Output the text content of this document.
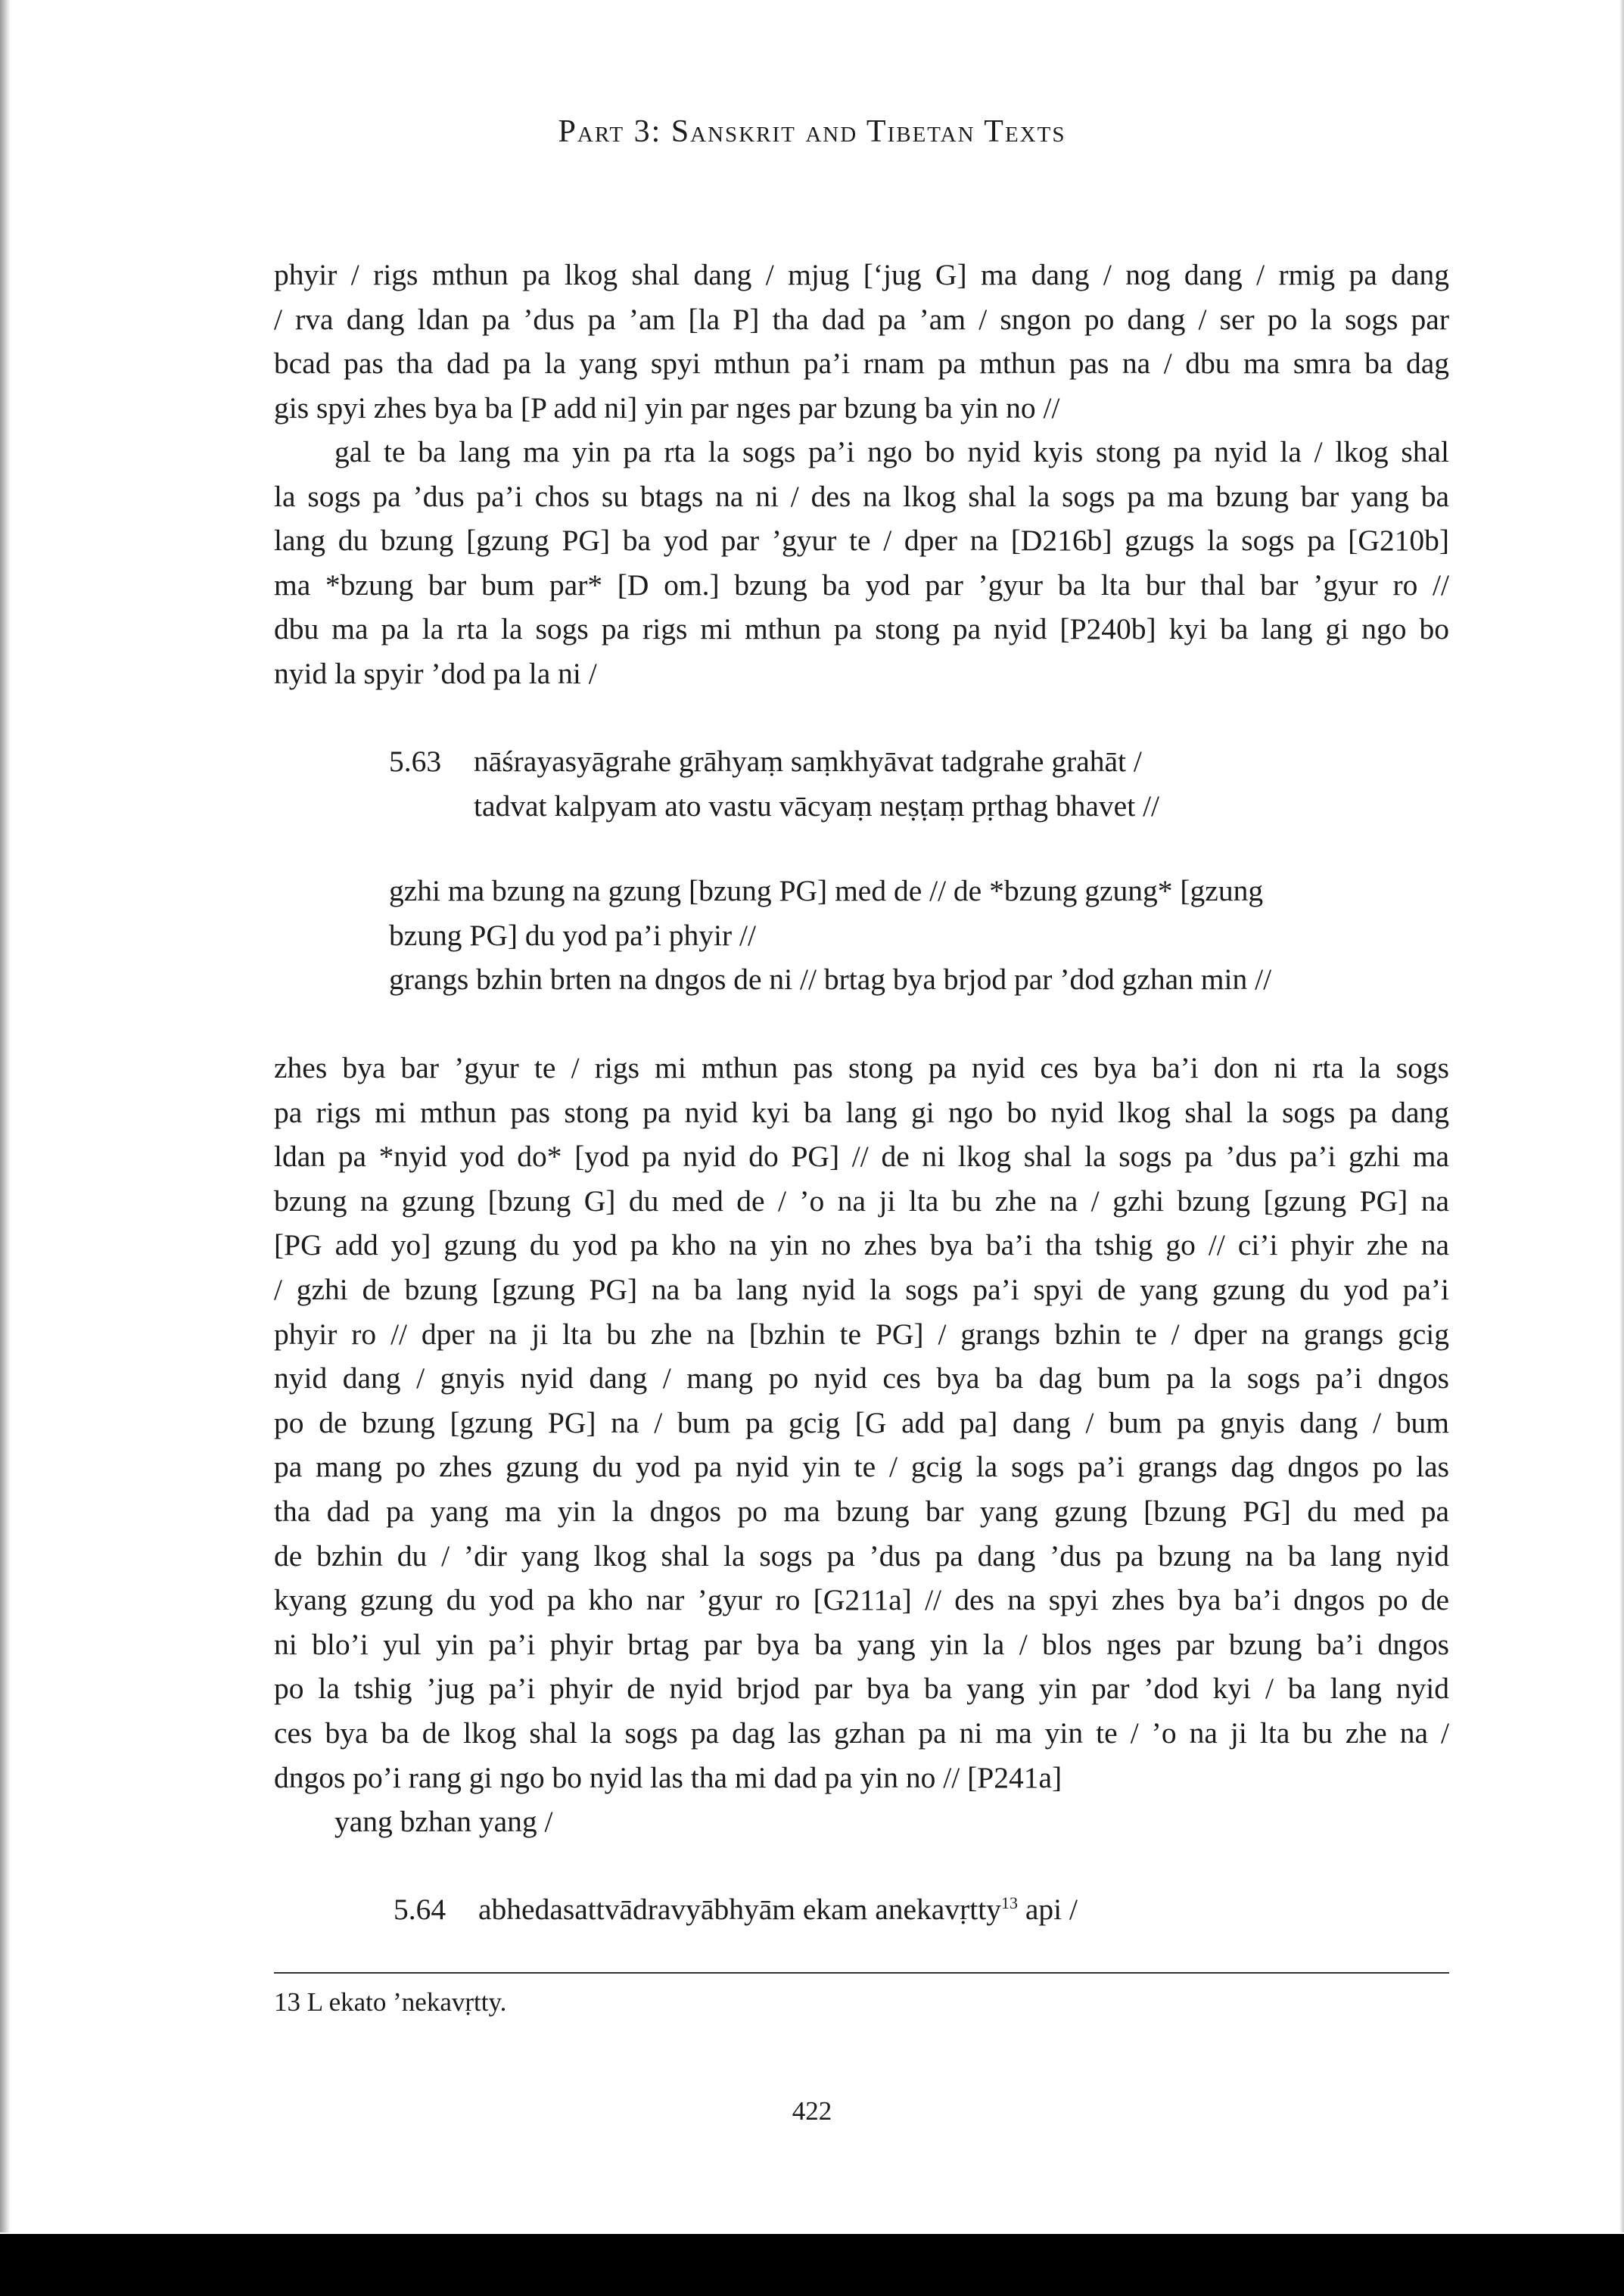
Part 3: Sanskrit and Tibetan Texts
phyir / rigs mthun pa lkog shal dang / mjug [‘jug G] ma dang / nog dang / rmig pa dang
/ rva dang ldan pa ’dus pa ’am [la P] tha dad pa ’am / sngon po dang / ser po la sogs par
bcad pas tha dad pa la yang spyi mthun pa’i rnam pa mthun pas na / dbu ma smra ba dag
gis spyi zhes bya ba [P add ni] yin par nges par bzung ba yin no //
gal te ba lang ma yin pa rta la sogs pa’i ngo bo nyid kyis stong pa nyid la / lkog shal
la sogs pa ’dus pa’i chos su btags na ni / des na lkog shal la sogs pa ma bzung bar yang ba
lang du bzung [gzung PG] ba yod par ’gyur te / dper na [D216b] gzugs la sogs pa [G210b]
ma *bzung bar bum par* [D om.] bzung ba yod par ’gyur ba lta bur thal bar ’gyur ro //
dbu ma pa la rta la sogs pa rigs mi mthun pa stong pa nyid [P240b] kyi ba lang gi ngo bo
nyid la spyir ’dod pa la ni /
5.63 nāśrayasyāgrahe grāhyaṃ saṃkhyāvat tadgrahe grahāt /
tadvat kalpyam ato vastu vācyaṃ neṣṭaṃ pṛthag bhavet //
gzhi ma bzung na gzung [bzung PG] med de // de *bzung gzung* [gzung
bzung PG] du yod pa’i phyir //
grangs bzhin brten na dngos de ni // brtag bya brjod par ’dod gzhan min //
zhes bya bar ’gyur te / rigs mi mthun pas stong pa nyid ces bya ba’i don ni rta la sogs
pa rigs mi mthun pas stong pa nyid kyi ba lang gi ngo bo nyid lkog shal la sogs pa dang
ldan pa *nyid yod do* [yod pa nyid do PG] // de ni lkog shal la sogs pa ’dus pa’i gzhi ma
bzung na gzung [bzung G] du med de / ’o na ji lta bu zhe na / gzhi bzung [gzung PG] na
[PG add yo] gzung du yod pa kho na yin no zhes bya ba’i tha tshig go // ci’i phyir zhe na
/ gzhi de bzung [gzung PG] na ba lang nyid la sogs pa’i spyi de yang gzung du yod pa’i
phyir ro // dper na ji lta bu zhe na [bzhin te PG] / grangs bzhin te / dper na grangs gcig
nyid dang / gnyis nyid dang / mang po nyid ces bya ba dag bum pa la sogs pa’i dngos
po de bzung [gzung PG] na / bum pa gcig [G add pa] dang / bum pa gnyis dang / bum
pa mang po zhes gzung du yod pa nyid yin te / gcig la sogs pa’i grangs dag dngos po las
tha dad pa yang ma yin la dngos po ma bzung bar yang gzung [bzung PG] du med pa
de bzhin du / ’dir yang lkog shal la sogs pa ’dus pa dang ’dus pa bzung na ba lang nyid
kyang gzung du yod pa kho nar ’gyur ro [G211a] // des na spyi zhes bya ba’i dngos po de
ni blo’i yul yin pa’i phyir brtag par bya ba yang yin la / blos nges par bzung ba’i dngos
po la tshig ’jug pa’i phyir de nyid brjod par bya ba yang yin par ’dod kyi / ba lang nyid
ces bya ba de lkog shal la sogs pa dag las gzhan pa ni ma yin te / ’o na ji lta bu zhe na /
dngos po’i rang gi ngo bo nyid las tha mi dad pa yin no // [P241a]
yang bzhan yang /
5.64 abhedasattvādravyābhyām ekam anekavṛtty$^{13}$ api /
13 L ekato ’nekavṛtty.
422
